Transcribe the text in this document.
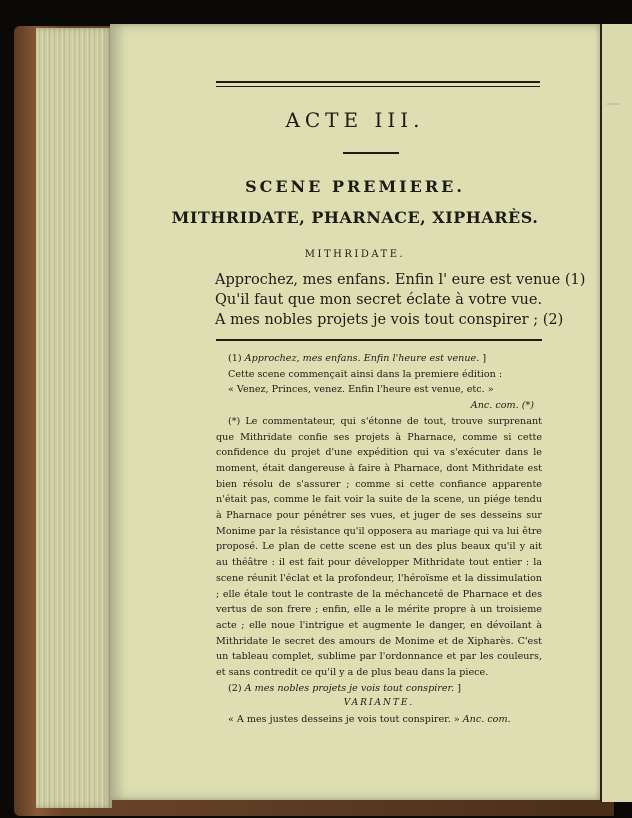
—
ACTE III.
SCENE PREMIERE.
MITHRIDATE, PHARNACE, XIPHARÈS.
MITHRIDATE.
Approchez, mes enfans. Enfin l' eure est venue (1)
Qu'il faut que mon secret éclate à votre vue.
A mes nobles projets je vois tout conspirer ; (2)

(1) Approchez, mes enfans. Enfin l'heure est venue. ]

Cette scene commençait ainsi dans la premiere édition :

« Venez, Princes, venez. Enfin l'heure est venue, etc. »

Anc. com. (*)

(*) Le commentateur, qui s'étonne de tout, trouve surprenant que Mithridate confie ses projets à Pharnace, comme si cette confidence du projet d'une expédition qui va s'exécuter dans le moment, était dangereuse à faire à Pharnace, dont Mithridate est bien résolu de s'assurer ; comme si cette confiance apparente n'était pas, comme le fait voir la suite de la scene, un piége tendu à Pharnace pour pénétrer ses vues, et juger de ses desseins sur Monime par la résistance qu'il opposera au mariage qui va lui être proposé. Le plan de cette scene est un des plus beaux qu'il y ait au théâtre : il est fait pour développer Mithridate tout entier : la scene réunit l'éclat et la profondeur, l'héroïsme et la dissimulation ; elle étale tout le contraste de la méchanceté de Pharnace et des vertus de son frere ; enfin, elle a le mérite propre à un troisieme acte ; elle noue l'intrigue et augmente le danger, en dévoilant à Mithridate le secret des amours de Monime et de Xipharès. C'est un tableau complet, sublime par l'ordonnance et par les couleurs, et sans contredit ce qu'il y a de plus beau dans la piece.

(2) A mes nobles projets je vois tout conspirer. ]

VARIANTE.

« A mes justes desseins je vois tout conspirer. » Anc. com.
